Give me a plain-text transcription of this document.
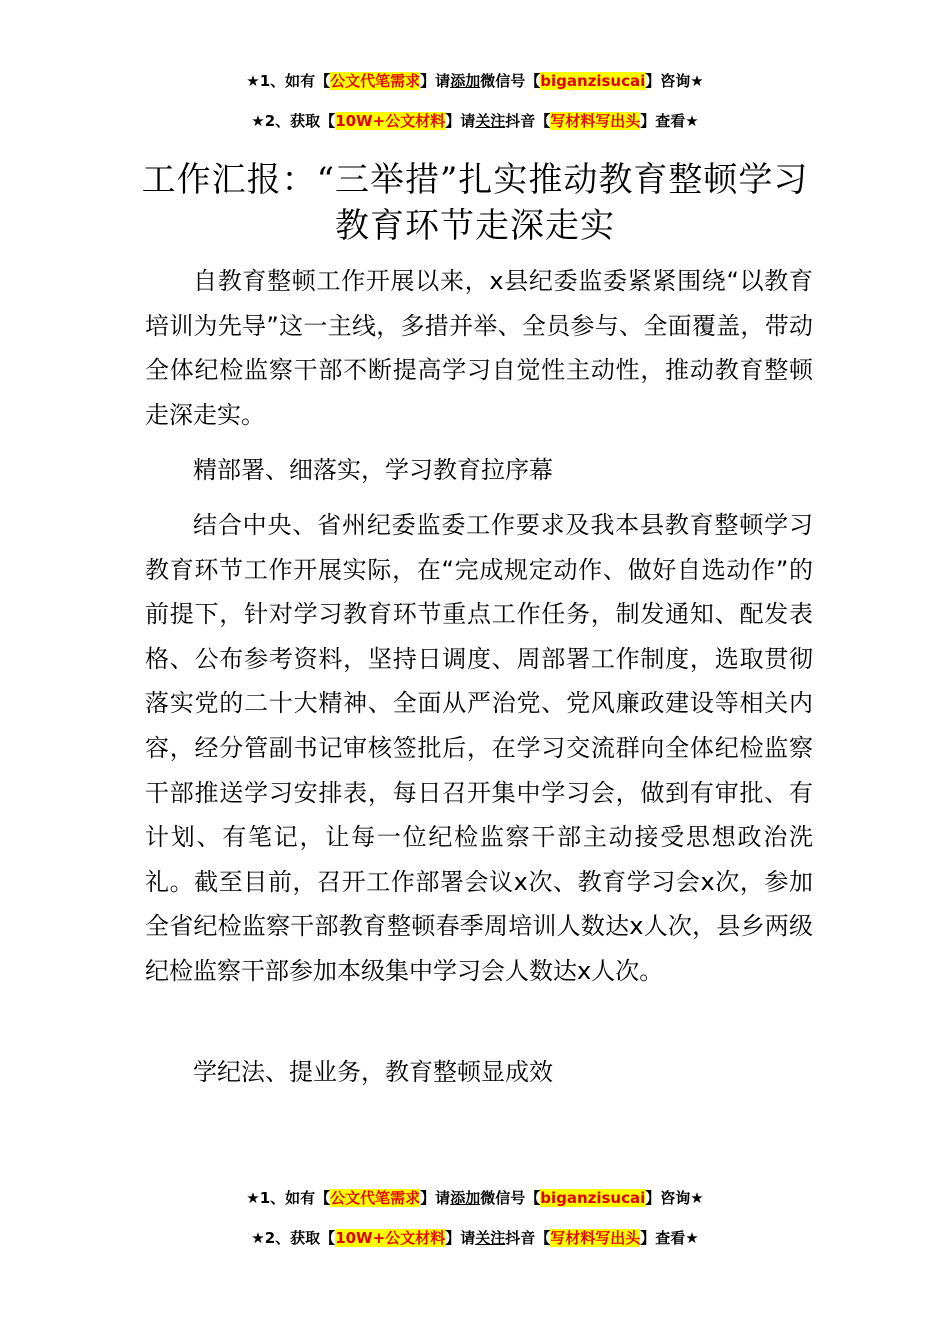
★1、如有【公文代笔需求】请添加微信号【biganzisucai】咨询★
★2、获取【10W+公文材料】请关注抖音【写材料写出头】查看★
工作汇报：“三举措”扎实推动教育整顿学习教育环节走深走实
自教育整顿工作开展以来，x县纪委监委紧紧围绕“以教育培训为先导”这一主线，多措并举、全员参与、全面覆盖，带动全体纪检监察干部不断提高学习自觉性主动性，推动教育整顿走深走实。
精部署、细落实，学习教育拉序幕
结合中央、省州纪委监委工作要求及我本县教育整顿学习教育环节工作开展实际，在“完成规定动作、做好自选动作”的前提下，针对学习教育环节重点工作任务，制发通知、配发表格、公布参考资料，坚持日调度、周部署工作制度，选取贯彻落实党的二十大精神、全面从严治党、党风廉政建设等相关内容，经分管副书记审核签批后，在学习交流群向全体纪检监察干部推送学习安排表，每日召开集中学习会，做到有审批、有计划、有笔记，让每一位纪检监察干部主动接受思想政治洗礼。截至目前，召开工作部署会议x次、教育学习会x次，参加全省纪检监察干部教育整顿春季周培训人数达x人次，县乡两级纪检监察干部参加本级集中学习会人数达x人次。
学纪法、提业务，教育整顿显成效
★1、如有【公文代笔需求】请添加微信号【biganzisucai】咨询★
★2、获取【10W+公文材料】请关注抖音【写材料写出头】查看★
